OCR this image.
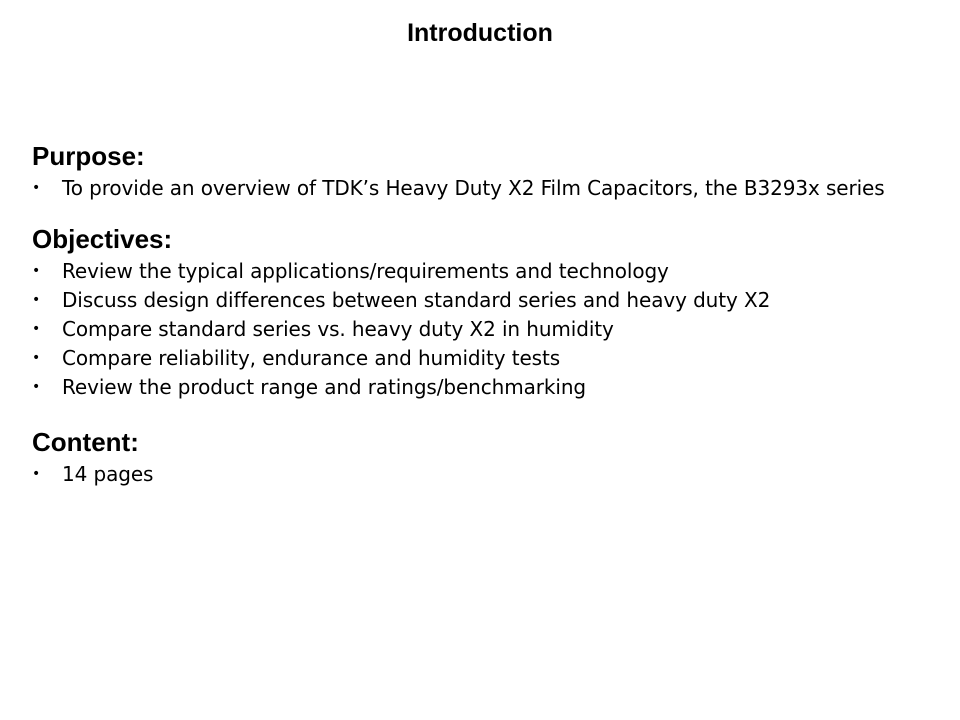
Introduction
Purpose:
• To provide an overview of TDK’s Heavy Duty X2 Film Capacitors, the B3293x series
Objectives:
• Review the typical applications/requirements and technology
• Discuss design differences between standard series and heavy duty X2
• Compare standard series vs. heavy duty X2 in humidity
• Compare reliability, endurance and humidity tests
• Review the product range and ratings/benchmarking
Content:
• 14 pages
